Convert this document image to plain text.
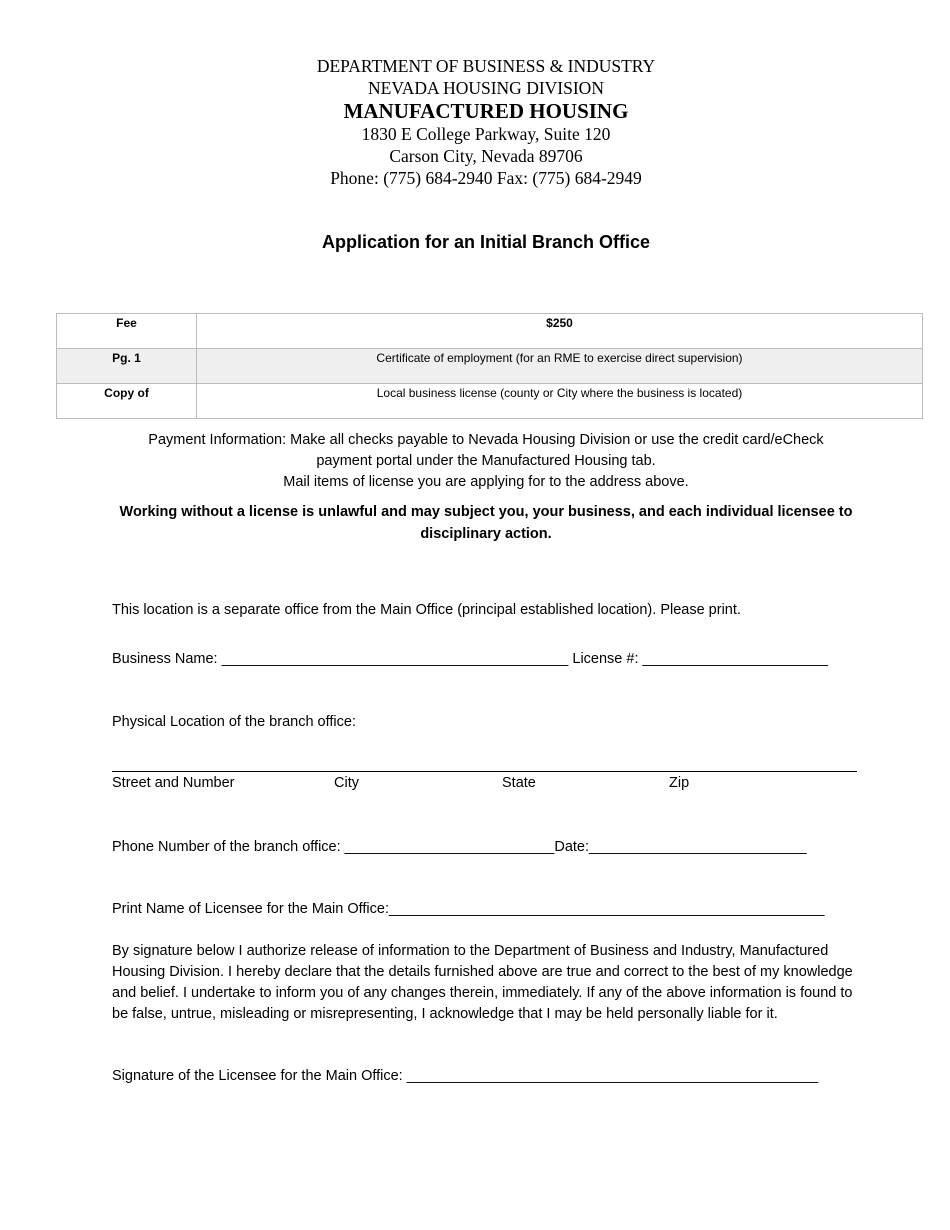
DEPARTMENT OF BUSINESS & INDUSTRY
NEVADA HOUSING DIVISION
MANUFACTURED HOUSING
1830 E College Parkway, Suite 120
Carson City, Nevada 89706
Phone: (775) 684-2940 Fax: (775) 684-2949
Application for an Initial Branch Office
Fee	$250
Pg. 1	Certificate of employment (for an RME to exercise direct supervision)
Copy of	Local business license (county or City where the business is located)
Payment Information: Make all checks payable to Nevada Housing Division or use the credit card/eCheck
payment portal under the Manufactured Housing tab.
Mail items of license you are applying for to the address above.
Working without a license is unlawful and may subject you, your business, and each individual licensee to
disciplinary action.
This location is a separate office from the Main Office (principal established location). Please print.
Business Name: ___________________________________________ License #: _______________________
Physical Location of the branch office:
Street and Number	City	State	Zip
Phone Number of the branch office: __________________________Date:___________________________
Print Name of Licensee for the Main Office:______________________________________________________
By signature below I authorize release of information to the Department of Business and Industry, Manufactured Housing Division. I hereby declare that the details furnished above are true and correct to the best of my knowledge and belief. I undertake to inform you of any changes therein, immediately. If any of the above information is found to be false, untrue, misleading or misrepresenting, I acknowledge that I may be held personally liable for it.
Signature of the Licensee for the Main Office: ___________________________________________________
